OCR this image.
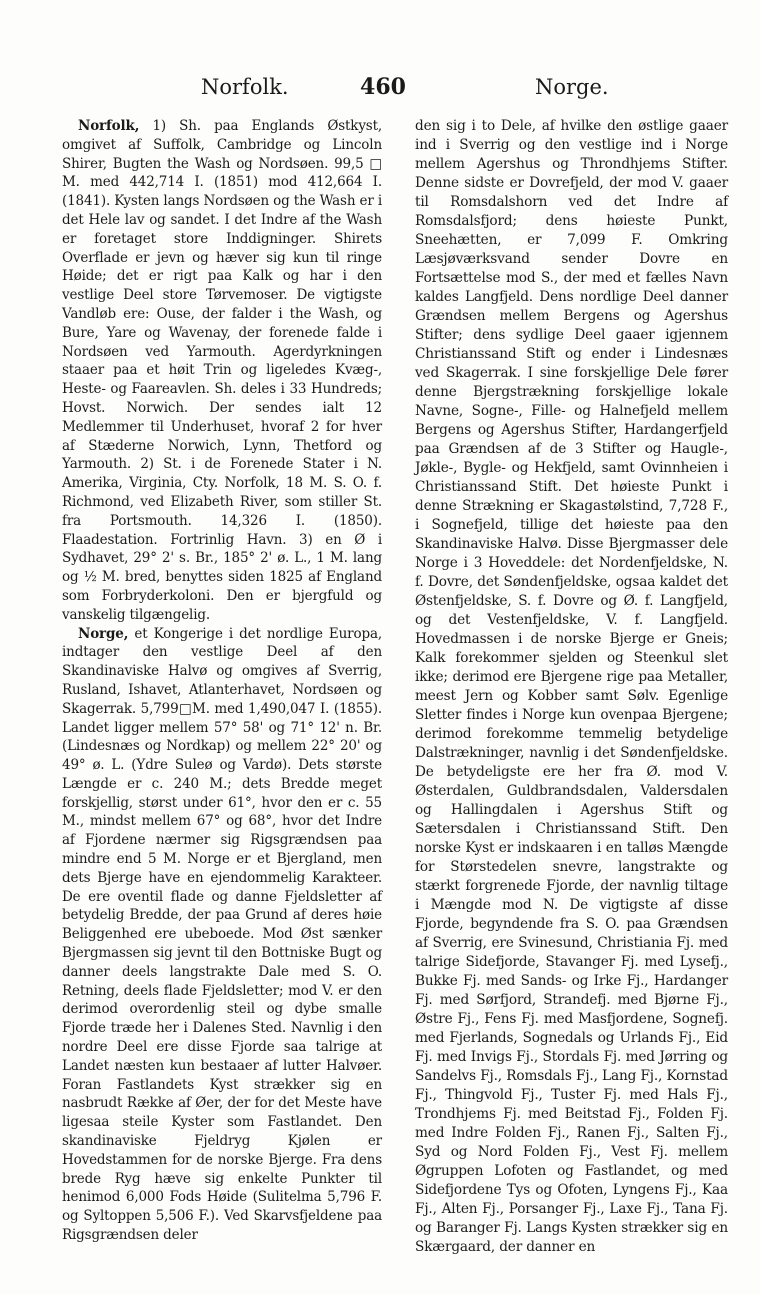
Norfolk.	460	Norge.

Norfolk, 1) Sh. paa Englands Østkyst, omgivet af Suffolk, Cambridge og Lincoln Shirer, Bugten the Wash og Nordsøen. 99,5 □ M. med 442,714 I. (1851) mod 412,664 I. (1841). Kysten langs Nordsøen og the Wash er i det Hele lav og sandet. I det Indre af the Wash er foretaget store Inddigninger. Shirets Overflade er jevn og hæver sig kun til ringe Høide; det er rigt paa Kalk og har i den vestlige Deel store Tørvemoser. De vigtigste Vandløb ere: Ouse, der falder i the Wash, og Bure, Yare og Wavenay, der forenede falde i Nordsøen ved Yarmouth. Agerdyrkningen staaer paa et høit Trin og ligeledes Kvæg-, Heste- og Faareavlen. Sh. deles i 33 Hundreds; Hovst. Norwich. Der sendes ialt 12 Medlemmer til Underhuset, hvoraf 2 for hver af Stæderne Norwich, Lynn, Thetford og Yarmouth. 2) St. i de Forenede Stater i N. Amerika, Virginia, Cty. Norfolk, 18 M. S. O. f. Richmond, ved Elizabeth River, som stiller St. fra Portsmouth. 14,326 I. (1850). Flaadestation. Fortrinlig Havn. 3) en Ø i Sydhavet, 29° 2' s. Br., 185° 2' ø. L., 1 M. lang og ½ M. bred, benyttes siden 1825 af England som Forbryderkoloni. Den er bjergfuld og vanskelig tilgængelig.

Norge, et Kongerige i det nordlige Europa, indtager den vestlige Deel af den Skandinaviske Halvø og omgives af Sverrig, Rusland, Ishavet, Atlanterhavet, Nordsøen og Skagerrak. 5,799□M. med 1,490,047 I. (1855). Landet ligger mellem 57° 58' og 71° 12' n. Br. (Lindesnæs og Nordkap) og mellem 22° 20' og 49° ø. L. (Ydre Suleø og Vardø). Dets største Længde er c. 240 M.; dets Bredde meget forskjellig, størst under 61°, hvor den er c. 55 M., mindst mellem 67° og 68°, hvor det Indre af Fjordene nærmer sig Rigsgrændsen paa mindre end 5 M. Norge er et Bjergland, men dets Bjerge have en ejendommelig Karakteer. De ere oventil flade og danne Fjeldsletter af betydelig Bredde, der paa Grund af deres høie Beliggenhed ere ubeboede. Mod Øst sænker Bjergmassen sig jevnt til den Bottniske Bugt og danner deels langstrakte Dale med S. O. Retning, deels flade Fjeldsletter; mod V. er den derimod overordenlig steil og dybe smalle Fjorde træde her i Dalenes Sted. Navnlig i den nordre Deel ere disse Fjorde saa talrige at Landet næsten kun bestaaer af lutter Halvøer. Foran Fastlandets Kyst strækker sig en nasbrudt Række af Øer, der for det Meste have ligesaa steile Kyster som Fastlandet. Den skandinaviske Fjeldryg Kjølen er Hovedstammen for de norske Bjerge. Fra dens brede Ryg hæve sig enkelte Punkter til henimod 6,000 Fods Høide (Sulitelma 5,796 F. og Syltoppen 5,506 F.). Ved Skarvsfjeldene paa Rigsgrændsen deler

den sig i to Dele, af hvilke den østlige gaaer ind i Sverrig og den vestlige ind i Norge mellem Agershus og Throndhjems Stifter. Denne sidste er Dovrefjeld, der mod V. gaaer til Romsdalshorn ved det Indre af Romsdalsfjord; dens høieste Punkt, Sneehætten, er 7,099 F. Omkring Læsjøværksvand sender Dovre en Fortsættelse mod S., der med et fælles Navn kaldes Langfjeld. Dens nordlige Deel danner Grændsen mellem Bergens og Agershus Stifter; dens sydlige Deel gaaer igjennem Christianssand Stift og ender i Lindesnæs ved Skagerrak. I sine forskjellige Dele fører denne Bjergstrækning forskjellige lokale Navne, Sogne-, Fille- og Halnefjeld mellem Bergens og Agershus Stifter, Hardangerfjeld paa Grændsen af de 3 Stifter og Haugle-, Jøkle-, Bygle- og Hekfjeld, samt Ovinnheien i Christianssand Stift. Det høieste Punkt i denne Strækning er Skagastølstind, 7,728 F., i Sognefjeld, tillige det høieste paa den Skandinaviske Halvø. Disse Bjergmasser dele Norge i 3 Hoveddele: det Nordenfjeldske, N. f. Dovre, det Søndenfjeldske, ogsaa kaldet det Østenfjeldske, S. f. Dovre og Ø. f. Langfjeld, og det Vestenfjeldske, V. f. Langfjeld. Hovedmassen i de norske Bjerge er Gneis; Kalk forekommer sjelden og Steenkul slet ikke; derimod ere Bjergene rige paa Metaller, meest Jern og Kobber samt Sølv. Egenlige Sletter findes i Norge kun ovenpaa Bjergene; derimod forekomme temmelig betydelige Dalstrækninger, navnlig i det Søndenfjeldske. De betydeligste ere her fra Ø. mod V. Østerdalen, Guldbrandsdalen, Valdersdalen og Hallingdalen i Agershus Stift og Sætersdalen i Christianssand Stift. Den norske Kyst er indskaaren i en talløs Mængde for Størstedelen snevre, langstrakte og stærkt forgrenede Fjorde, der navnlig tiltage i Mængde mod N. De vigtigste af disse Fjorde, begyndende fra S. O. paa Grændsen af Sverrig, ere Svinesund, Christiania Fj. med talrige Sidefjorde, Stavanger Fj. med Lysefj., Bukke Fj. med Sands- og Irke Fj., Hardanger Fj. med Sørfjord, Strandefj. med Bjørne Fj., Østre Fj., Fens Fj. med Masfjordene, Sognefj. med Fjerlands, Sognedals og Urlands Fj., Eid Fj. med Invigs Fj., Stordals Fj. med Jørring og Sandelvs Fj., Romsdals Fj., Lang Fj., Kornstad Fj., Thingvold Fj., Tuster Fj. med Hals Fj., Trondhjems Fj. med Beitstad Fj., Folden Fj. med Indre Folden Fj., Ranen Fj., Salten Fj., Syd og Nord Folden Fj., Vest Fj. mellem Øgruppen Lofoten og Fastlandet, og med Sidefjordene Tys og Ofoten, Lyngens Fj., Kaa Fj., Alten Fj., Porsanger Fj., Laxe Fj., Tana Fj. og Baranger Fj. Langs Kysten strækker sig en Skærgaard, der danner en
